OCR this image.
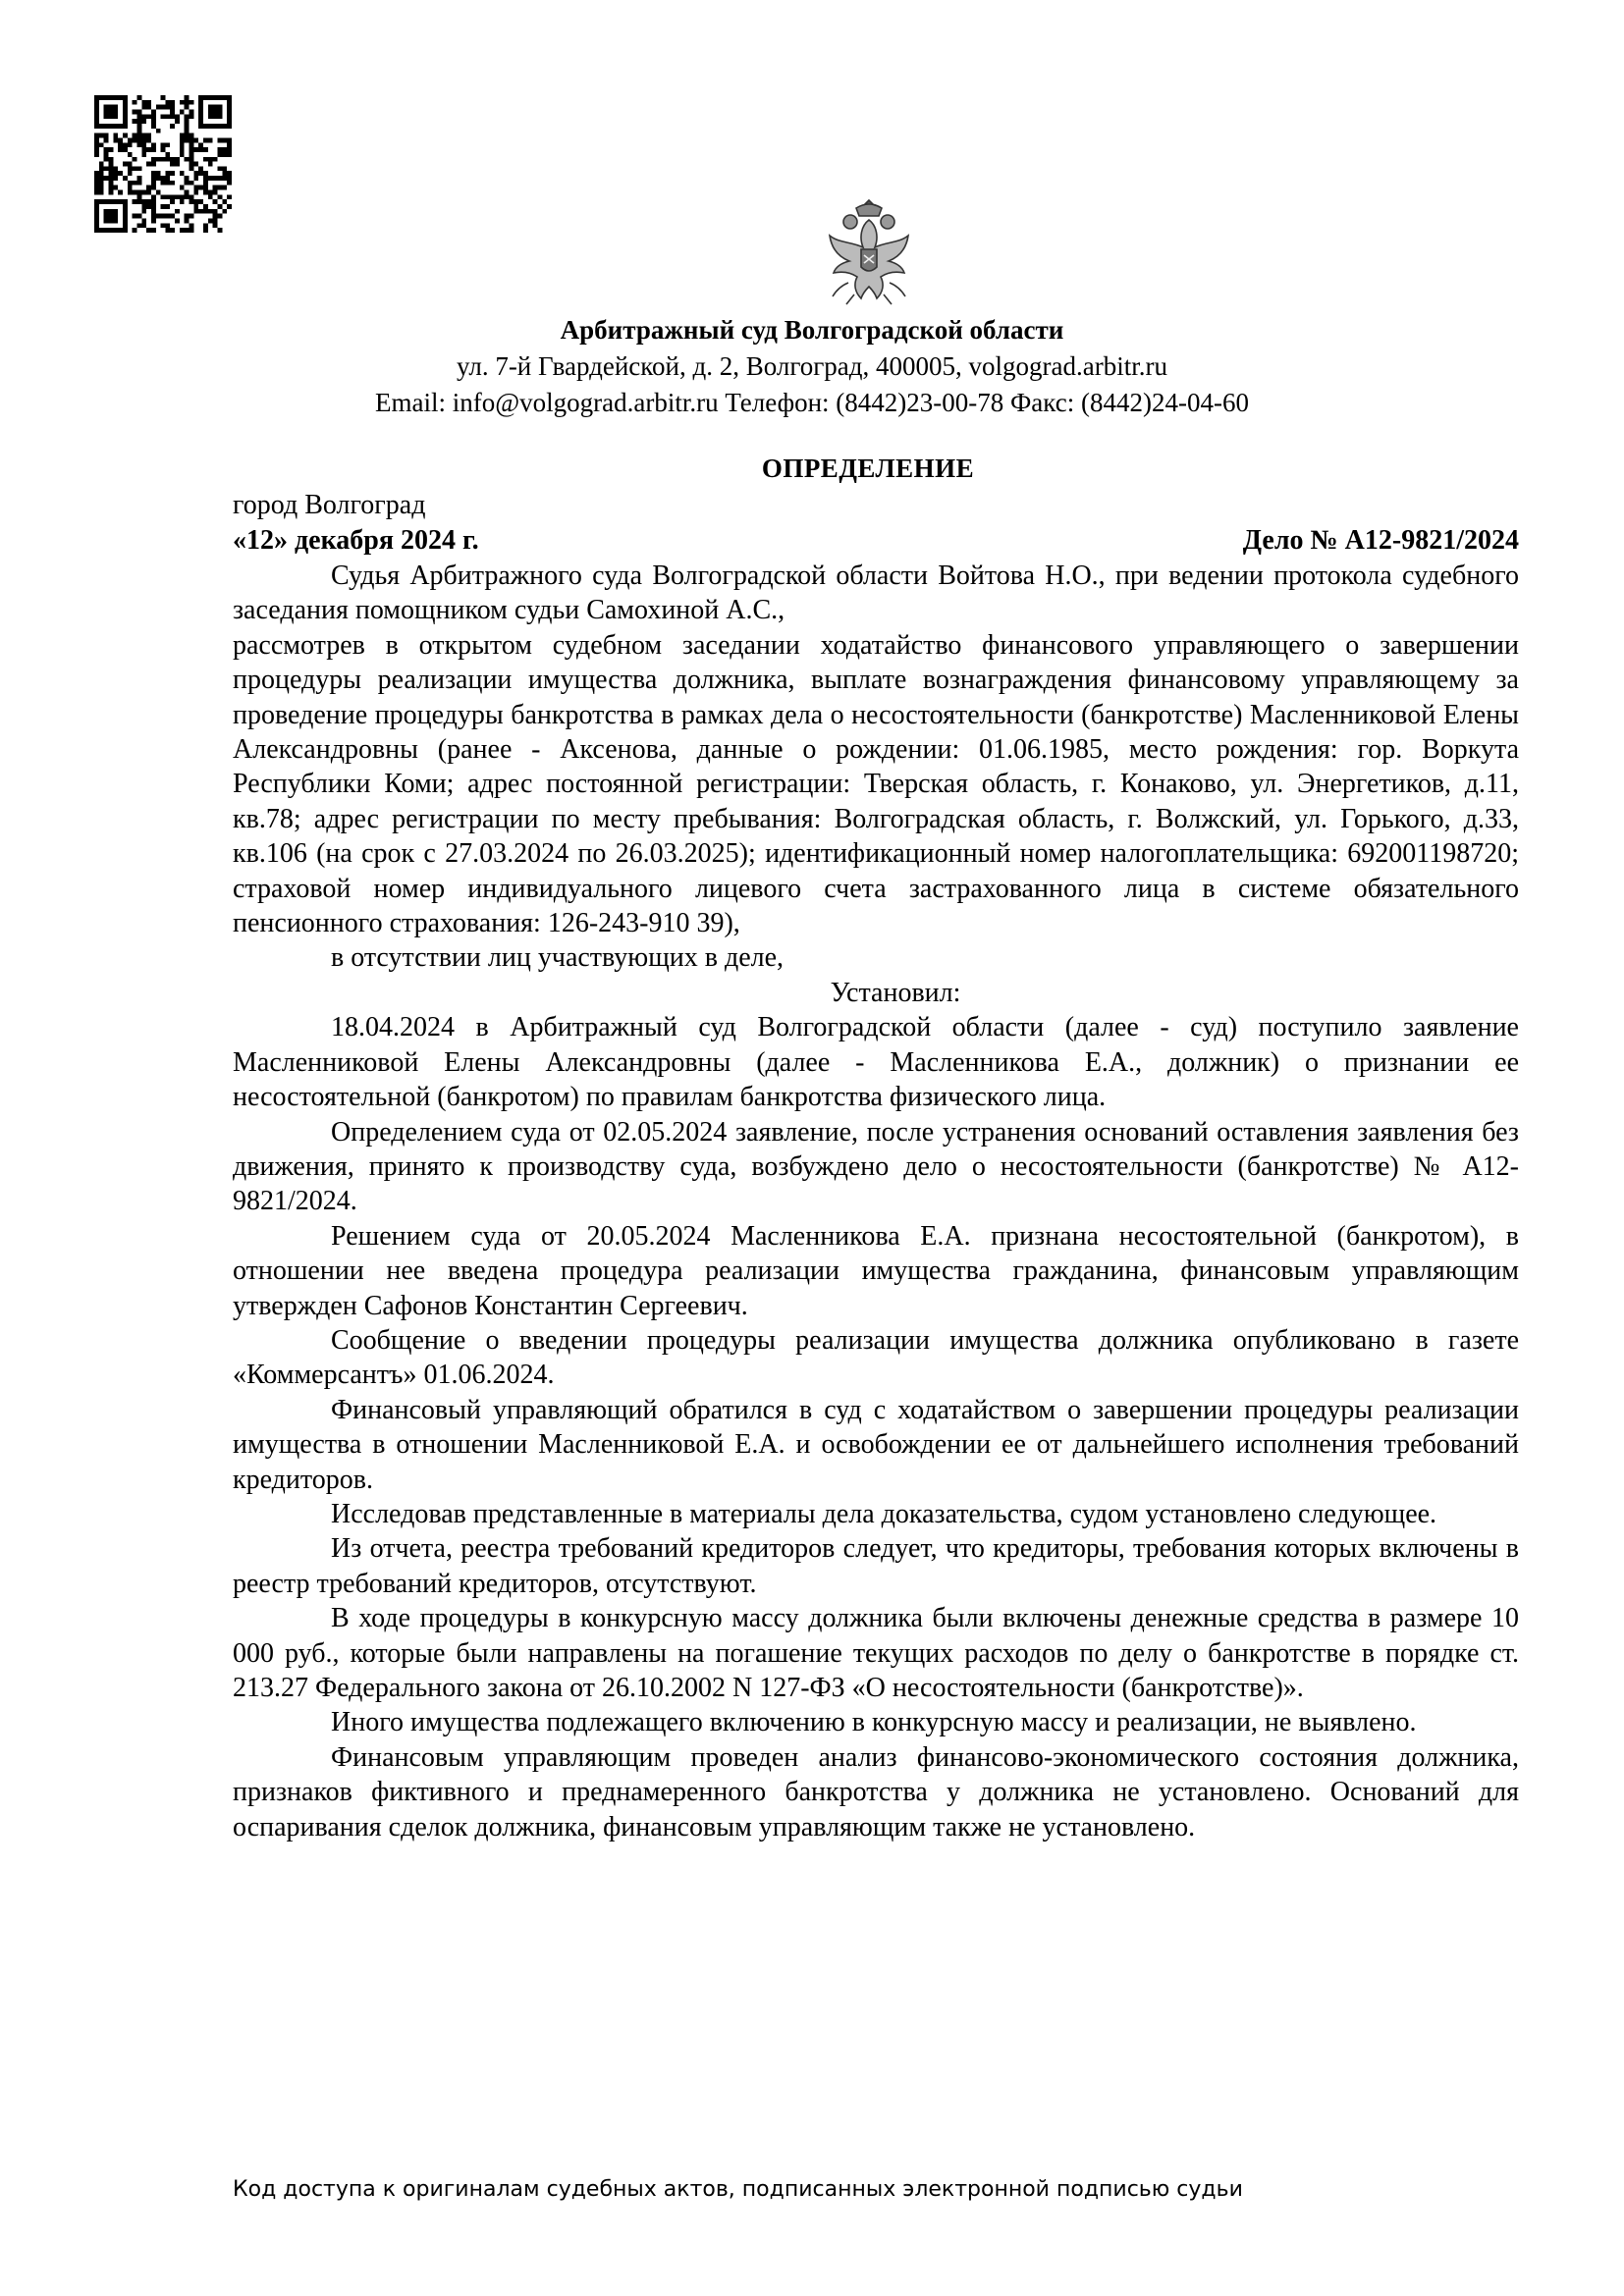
Арбитражный суд Волгоградской области
ул. 7-й Гвардейской, д. 2, Волгоград, 400005, volgograd.arbitr.ru
Email: info@volgograd.arbitr.ru Телефон: (8442)23-00-78 Факс: (8442)24-04-60
ОПРЕДЕЛЕНИЕ
город Волгоград
«12» декабря 2024 г.	Дело № А12-9821/2024

Судья Арбитражного суда Волгоградской области Войтова Н.О., при ведении протокола судебного заседания помощником судьи Самохиной А.С.,

рассмотрев в открытом судебном заседании ходатайство финансового управляющего о завершении процедуры реализации имущества должника, выплате вознаграждения финансовому управляющему за проведение процедуры банкротства в рамках дела о несостоятельности (банкротстве) Масленниковой Елены Александровны (ранее - Аксенова, данные о рождении: 01.06.1985, место рождения: гор. Воркута Республики Коми; адрес постоянной регистрации: Тверская область, г. Конаково, ул. Энергетиков, д.11, кв.78; адрес регистрации по месту пребывания: Волгоградская область, г. Волжский, ул. Горького, д.33, кв.106 (на срок с 27.03.2024 по 26.03.2025); идентификационный номер налогоплательщика: 692001198720; страховой номер индивидуального лицевого счета застрахованного лица в системе обязательного пенсионного страхования: 126-243-910 39),

в отсутствии лиц участвующих в деле,

Установил:

18.04.2024 в Арбитражный суд Волгоградской области (далее - суд) поступило заявление Масленниковой Елены Александровны (далее - Масленникова Е.А., должник) о признании ее несостоятельной (банкротом) по правилам банкротства физического лица.

Определением суда от 02.05.2024 заявление, после устранения оснований оставления заявления без движения, принято к производству суда, возбуждено дело о несостоятельности (банкротстве) № А12-9821/2024.

Решением суда от 20.05.2024 Масленникова Е.А. признана несостоятельной (банкротом), в отношении нее введена процедура реализации имущества гражданина, финансовым управляющим утвержден Сафонов Константин Сергеевич.

Сообщение о введении процедуры реализации имущества должника опубликовано в газете «Коммерсантъ» 01.06.2024.

Финансовый управляющий обратился в суд с ходатайством о завершении процедуры реализации имущества в отношении Масленниковой Е.А. и освобождении ее от дальнейшего исполнения требований кредиторов.

Исследовав представленные в материалы дела доказательства, судом установлено следующее.

Из отчета, реестра требований кредиторов следует, что кредиторы, требования которых включены в реестр требований кредиторов, отсутствуют.

В ходе процедуры в конкурсную массу должника были включены денежные средства в размере 10 000 руб., которые были направлены на погашение текущих расходов по делу о банкротстве в порядке ст. 213.27 Федерального закона от 26.10.2002 N 127-ФЗ «О несостоятельности (банкротстве)».

Иного имущества подлежащего включению в конкурсную массу и реализации, не выявлено.

Финансовым управляющим проведен анализ финансово-экономического состояния должника, признаков фиктивного и преднамеренного банкротства у должника не установлено. Оснований для оспаривания сделок должника, финансовым управляющим также не установлено.

Код доступа к оригиналам судебных актов, подписанных электронной подписью судьи
